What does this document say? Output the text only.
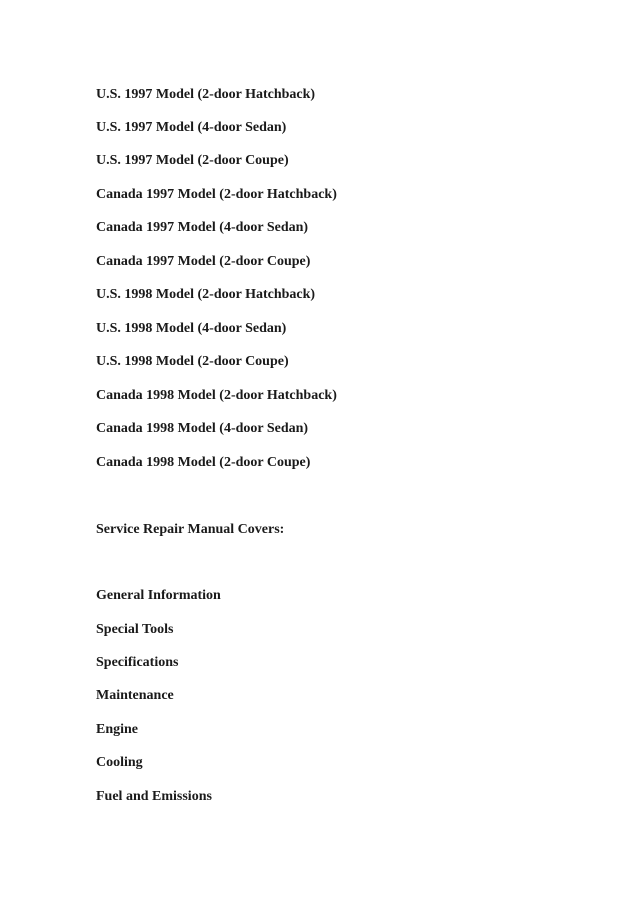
U.S. 1997 Model (2-door Hatchback)
U.S. 1997 Model (4-door Sedan)
U.S. 1997 Model (2-door Coupe)
Canada 1997 Model (2-door Hatchback)
Canada 1997 Model (4-door Sedan)
Canada 1997 Model (2-door Coupe)
U.S. 1998 Model (2-door Hatchback)
U.S. 1998 Model (4-door Sedan)
U.S. 1998 Model (2-door Coupe)
Canada 1998 Model (2-door Hatchback)
Canada 1998 Model (4-door Sedan)
Canada 1998 Model (2-door Coupe)
Service Repair Manual Covers:
General Information
Special Tools
Specifications
Maintenance
Engine
Cooling
Fuel and Emissions
